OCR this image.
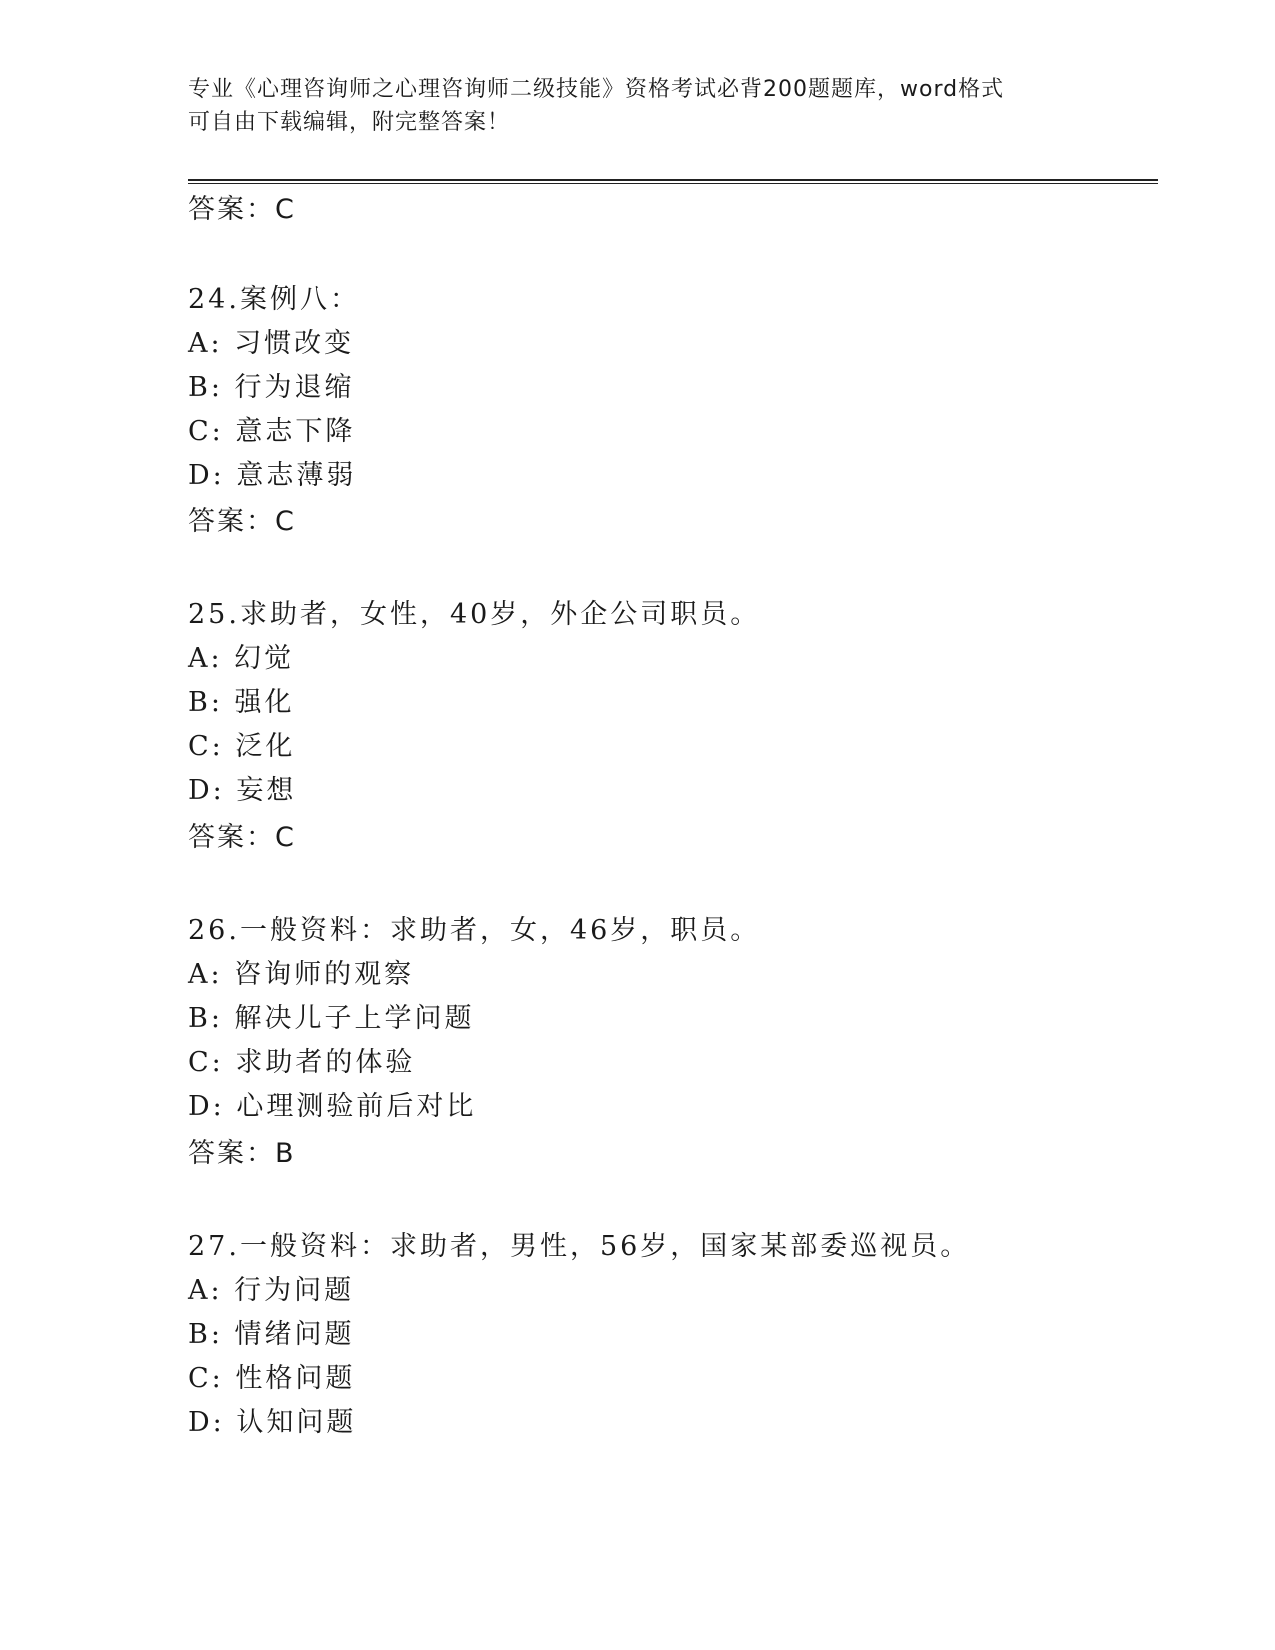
专业《心理咨询师之心理咨询师二级技能》资格考试必背200题题库，word格式
可自由下载编辑，附完整答案！
答案：C
24.案例八：
A: 习惯改变
B: 行为退缩
C: 意志下降
D: 意志薄弱
答案：C
25.求助者，女性，40岁，外企公司职员。
A: 幻觉
B: 强化
C: 泛化
D: 妄想
答案：C
26.一般资料：求助者，女，46岁，职员。
A: 咨询师的观察
B: 解决儿子上学问题
C: 求助者的体验
D: 心理测验前后对比
答案：B
27.一般资料：求助者，男性，56岁，国家某部委巡视员。
A: 行为问题
B: 情绪问题
C: 性格问题
D: 认知问题
